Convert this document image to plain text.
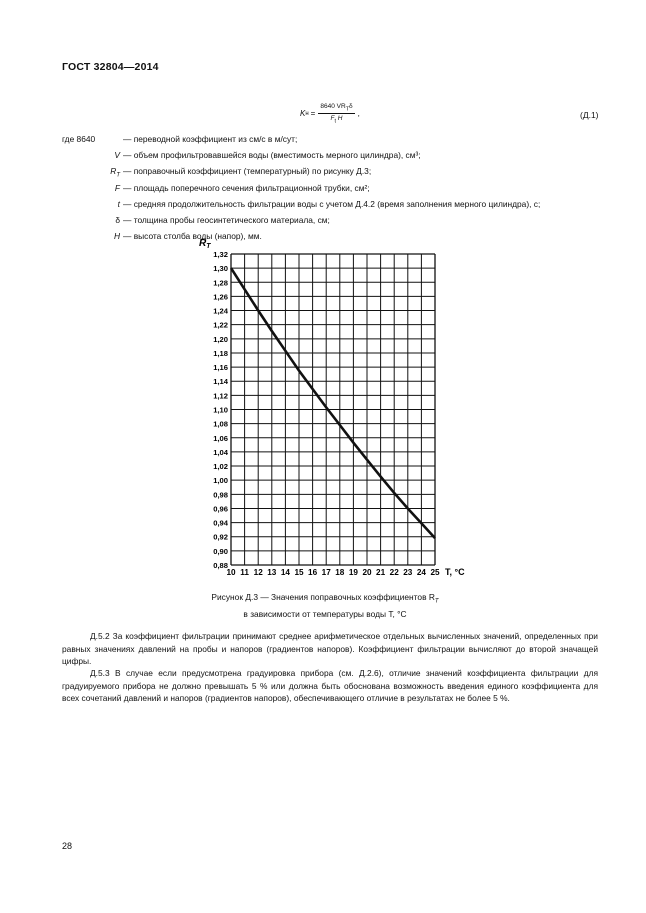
ГОСТ 32804—2014
K $н = \frac{8640 VR_T\delta}{F_t H}$ ,	(Д.1)
где 8640	— переводной коэффициент из см/с в м/сут;
V — объем профильтровавшейся воды (вместимость мерного цилиндра), см³;
$R_T$ — поправочный коэффициент (температурный) по рисунку Д.3;
F — площадь поперечного сечения фильтрационной трубки, см²;
t — средняя продолжительность фильтрации воды с учетом Д.4.2 (время заполнения мерного цилиндра), с;
δ — толщина пробы геосинтетического материала, см;
H — высота столба воды (напор), мм.
1,32
1,30
1,28
1,26
1,24
1,22
1,20
1,18
1,16
1,14
1,12
1,10
1,08
1,06
1,04
1,02
1,00
0,98
0,96
0,94
0,92
0,90
0,88
10 11 12 13 14 15 16 17 18 19 20 21 22 23 24 25
$R_T$
T, °C
Рисунок Д.3 — Значения поправочных коэффициентов $R_T$
в зависимости от температуры воды T, °C

Д.5.2 За коэффициент фильтрации принимают среднее арифметическое отдельных вычисленных значений, определенных при равных значениях давлений на пробы и напоров (градиентов напоров). Коэффициент фильтрации вычисляют до второй значащей цифры.

Д.5.3 В случае если предусмотрена градуировка прибора (см. Д.2.6), отличие значений коэффициента фильтрации для градуируемого прибора не должно превышать 5 % или должна быть обоснована возможность введения единого коэффициента для всех сочетаний давлений и напоров (градиентов напоров), обеспечивающего отличие в результатах не более 5 %.

28
